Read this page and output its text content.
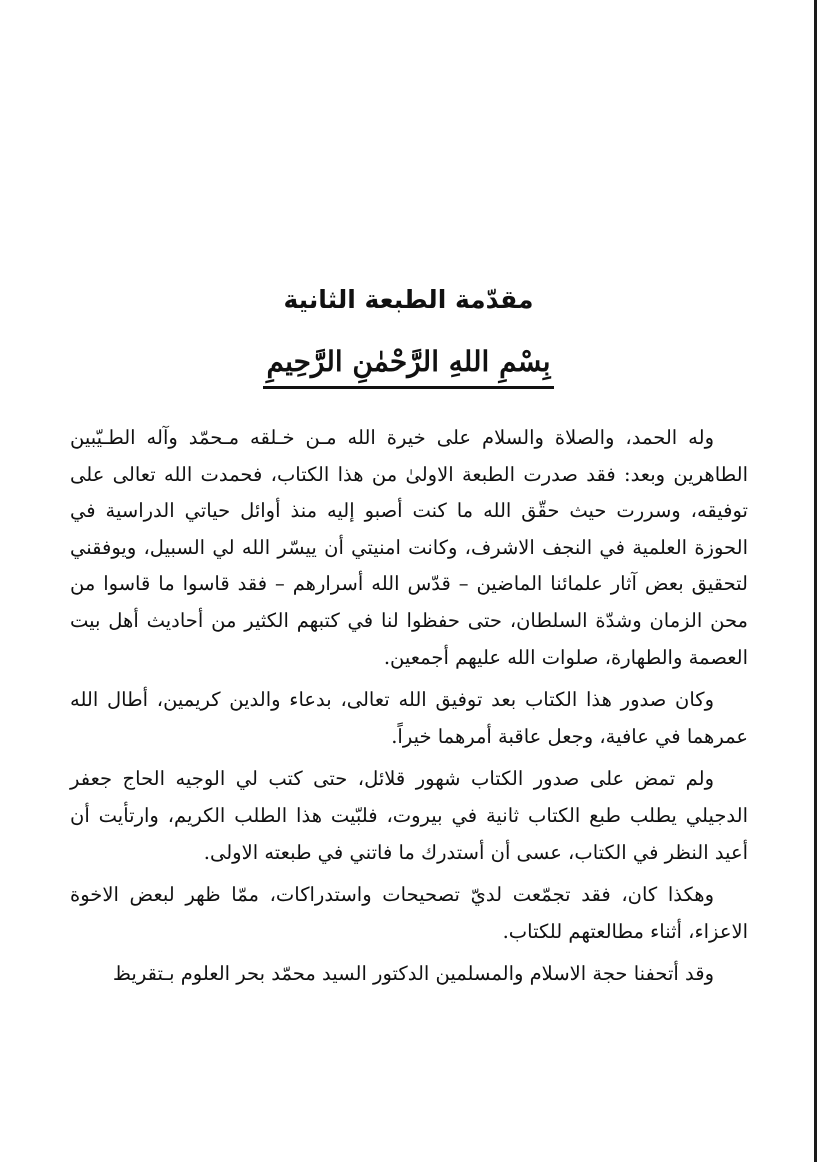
مقدّمة الطبعة الثانية
بِسْمِ اللهِ الرَّحْمٰنِ الرَّحِيمِ

وله الحمد، والصلاة والسلام على خيرة الله مـن خـلقه مـحمّد وآله الطـيّبين الطاهرين وبعد: فقد صدرت الطبعة الاولىٰ من هذا الكتاب، فحمدت الله تعالى على توفيقه، وسررت حيث حقّق الله ما كنت أصبو إليه منذ أوائل حياتي الدراسية في الحوزة العلمية في النجف الاشرف، وكانت امنيتي أن ييسّر الله لي السبيل، ويوفقني لتحقيق بعض آثار علمائنا الماضين – قدّس الله أسرارهم – فقد قاسوا ما قاسوا من محن الزمان وشدّة السلطان، حتى حفظوا لنا في كتبهم الكثير من أحاديث أهل بيت العصمة والطهارة، صلوات الله عليهم أجمعين.

وكان صدور هذا الكتاب بعد توفيق الله تعالى، بدعاء والدين كريمين، أطال الله عمرهما في عافية، وجعل عاقبة أمرهما خيراً.

ولم تمض على صدور الكتاب شهور قلائل، حتى كتب لي الوجيه الحاج جعفر الدجيلي يطلب طبع الكتاب ثانية في بيروت، فلبّيت هذا الطلب الكريم، وارتأيت أن أعيد النظر في الكتاب، عسى أن أستدرك ما فاتني في طبعته الاولى.

وهكذا كان، فقد تجمّعت لديّ تصحيحات واستدراكات، ممّا ظهر لبعض الاخوة الاعزاء، أثناء مطالعتهم للكتاب.

وقد أتحفنا حجة الاسلام والمسلمين الدكتور السيد محمّد بحر العلوم بـتقريظ
